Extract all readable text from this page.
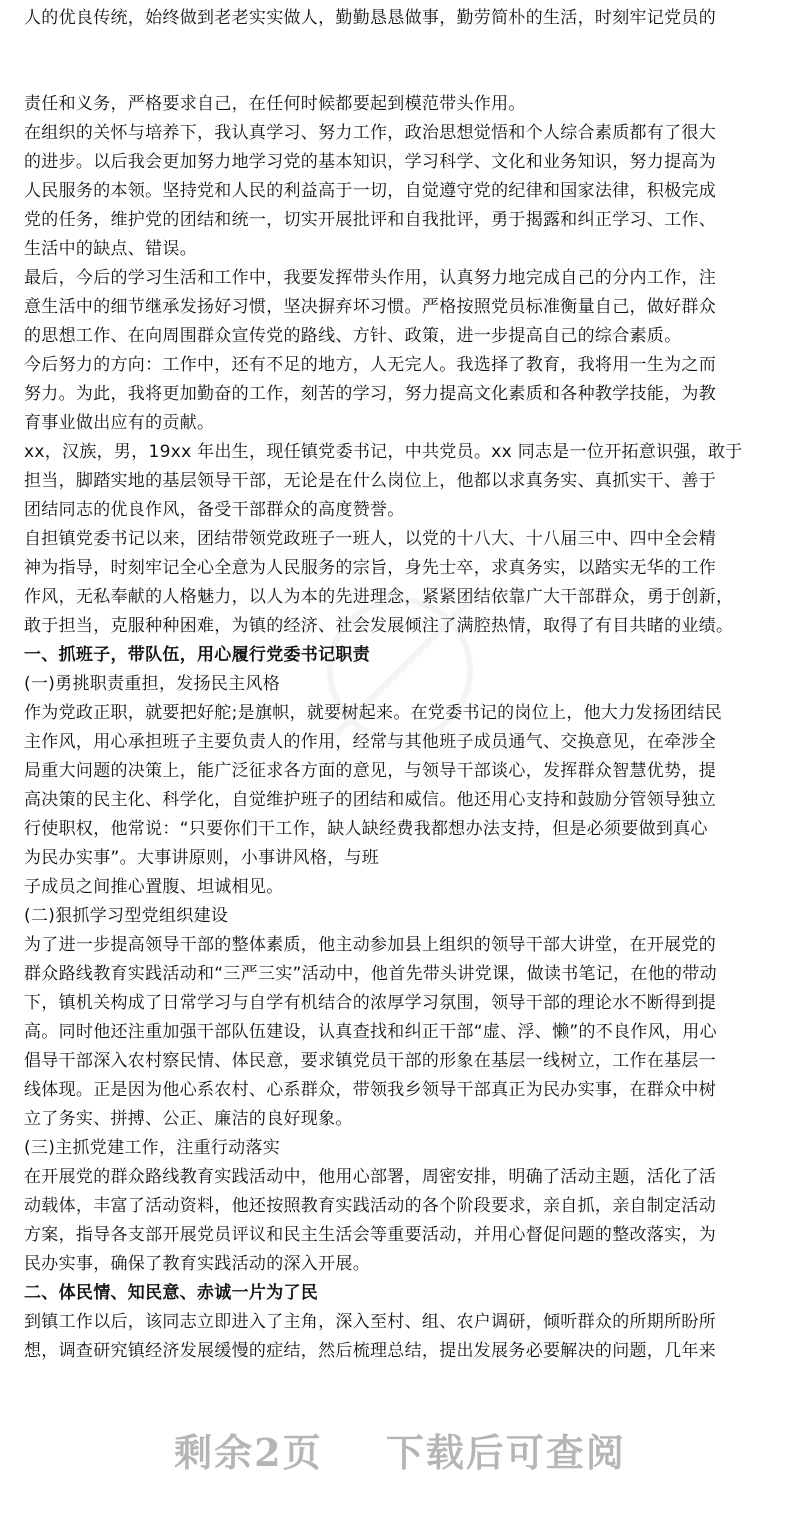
人的优良传统，始终做到老老实实做人，勤勤恳恳做事，勤劳简朴的生活，时刻牢记党员的

责任和义务，严格要求自己，在任何时候都要起到模范带头作用。

在组织的关怀与培养下，我认真学习、努力工作，政治思想觉悟和个人综合素质都有了很大
的进步。以后我会更加努力地学习党的基本知识，学习科学、文化和业务知识，努力提高为
人民服务的本领。坚持党和人民的利益高于一切，自觉遵守党的纪律和国家法律，积极完成
党的任务，维护党的团结和统一，切实开展批评和自我批评，勇于揭露和纠正学习、工作、
生活中的缺点、错误。

最后，今后的学习生活和工作中，我要发挥带头作用，认真努力地完成自己的分内工作，注
意生活中的细节继承发扬好习惯，坚决摒弃坏习惯。严格按照党员标准衡量自己，做好群众
的思想工作、在向周围群众宣传党的路线、方针、政策，进一步提高自己的综合素质。

今后努力的方向：工作中，还有不足的地方，人无完人。我选择了教育，我将用一生为之而
努力。为此，我将更加勤奋的工作，刻苦的学习，努力提高文化素质和各种教学技能，为教
育事业做出应有的贡献。

xx，汉族，男，19xx 年出生，现任镇党委书记，中共党员。xx 同志是一位开拓意识强，敢于
担当，脚踏实地的基层领导干部，无论是在什么岗位上，他都以求真务实、真抓实干、善于
团结同志的优良作风，备受干部群众的高度赞誉。

自担镇党委书记以来，团结带领党政班子一班人，以党的十八大、十八届三中、四中全会精
神为指导，时刻牢记全心全意为人民服务的宗旨，身先士卒，求真务实，以踏实无华的工作
作风，无私奉献的人格魅力，以人为本的先进理念，紧紧团结依靠广大干部群众，勇于创新，
敢于担当，克服种种困难，为镇的经济、社会发展倾注了满腔热情，取得了有目共睹的业绩。

一、抓班子，带队伍，用心履行党委书记职责

(一)勇挑职责重担，发扬民主风格

作为党政正职，就要把好舵;是旗帜，就要树起来。在党委书记的岗位上，他大力发扬团结民
主作风，用心承担班子主要负责人的作用，经常与其他班子成员通气、交换意见，在牵涉全
局重大问题的决策上，能广泛征求各方面的意见，与领导干部谈心，发挥群众智慧优势，提
高决策的民主化、科学化，自觉维护班子的团结和威信。他还用心支持和鼓励分管领导独立
行使职权，他常说：“只要你们干工作，缺人缺经费我都想办法支持，但是必须要做到真心
为民办实事”。大事讲原则，小事讲风格，与班
子成员之间推心置腹、坦诚相见。

(二)狠抓学习型党组织建设

为了进一步提高领导干部的整体素质，他主动参加县上组织的领导干部大讲堂，在开展党的
群众路线教育实践活动和“三严三实”活动中，他首先带头讲党课，做读书笔记，在他的带动
下，镇机关构成了日常学习与自学有机结合的浓厚学习氛围，领导干部的理论水不断得到提
高。同时他还注重加强干部队伍建设，认真查找和纠正干部“虚、浮、懒”的不良作风，用心
倡导干部深入农村察民情、体民意，要求镇党员干部的形象在基层一线树立，工作在基层一
线体现。正是因为他心系农村、心系群众，带领我乡领导干部真正为民办实事，在群众中树
立了务实、拼搏、公正、廉洁的良好现象。

(三)主抓党建工作，注重行动落实

在开展党的群众路线教育实践活动中，他用心部署，周密安排，明确了活动主题，活化了活
动载体，丰富了活动资料，他还按照教育实践活动的各个阶段要求，亲自抓，亲自制定活动
方案，指导各支部开展党员评议和民主生活会等重要活动，并用心督促问题的整改落实，为
民办实事，确保了教育实践活动的深入开展。

二、体民情、知民意、赤诚一片为了民

到镇工作以后，该同志立即进入了主角，深入至村、组、农户调研，倾听群众的所期所盼所
想，调查研究镇经济发展缓慢的症结，然后梳理总结，提出发展务必要解决的问题，几年来

剩余2页 下载后可查阅
